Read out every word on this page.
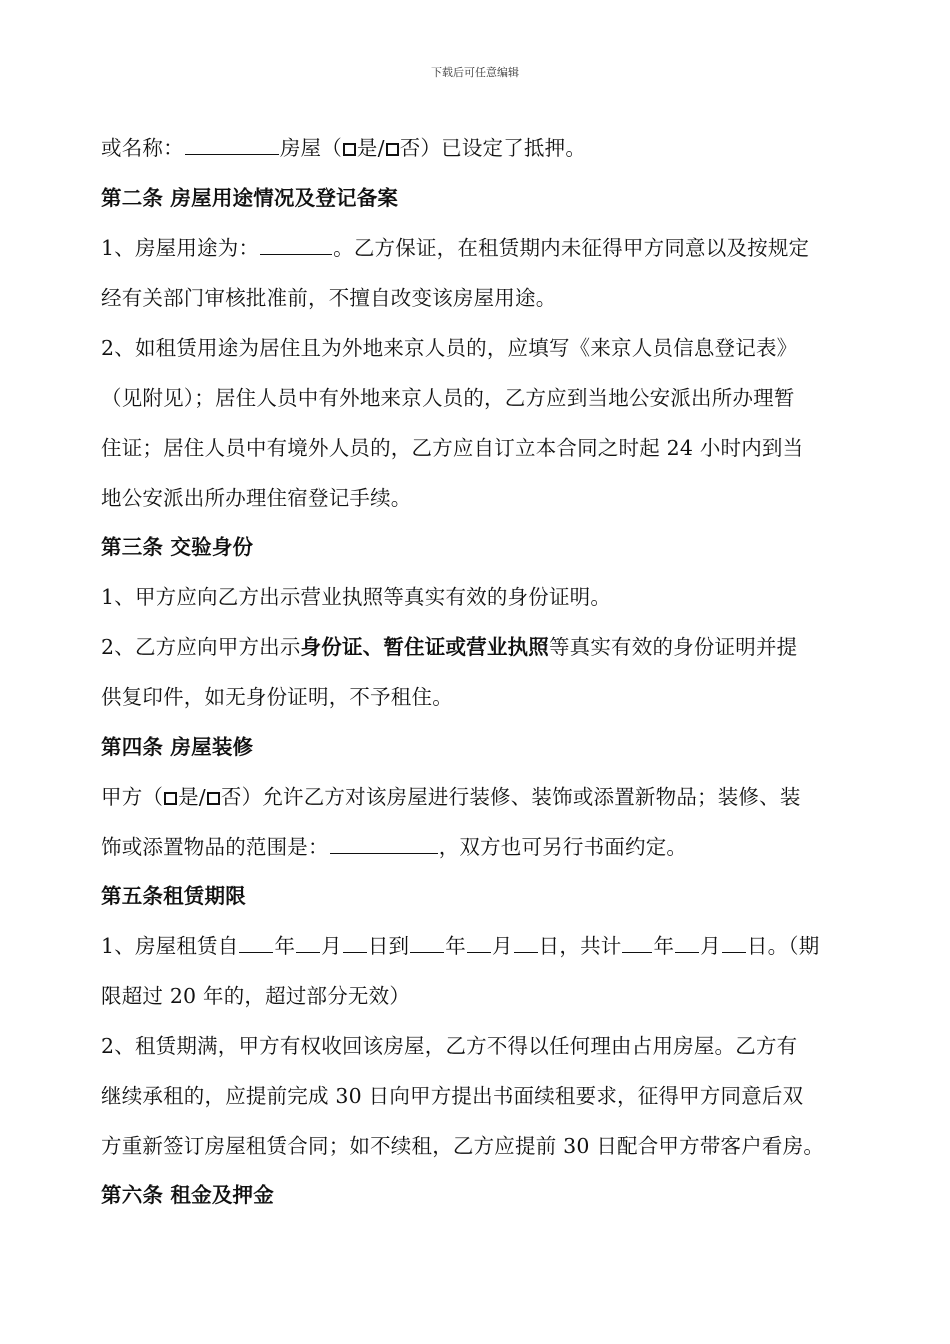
下载后可任意编辑
或名称：	房屋（ 是/ 否）已设定了抵押。
第二条 房屋用途情况及登记备案
1、房屋用途为：	。乙方保证，在租赁期内未征得甲方同意以及按规定
经有关部门审核批准前，不擅自改变该房屋用途。
2、如租赁用途为居住且为外地来京人员的，应填写《来京人员信息登记表》
（见附见）；居住人员中有外地来京人员的，乙方应到当地公安派出所办理暂
住证；居住人员中有境外人员的，乙方应自订立本合同之时起 24 小时内到当
地公安派出所办理住宿登记手续。
第三条 交验身份
1、甲方应向乙方出示营业执照等真实有效的身份证明。
2、乙方应向甲方出示身份证、暂住证或营业执照等真实有效的身份证明并提
供复印件，如无身份证明，不予租住。
第四条 房屋装修
甲方（ 是/ 否）允许乙方对该房屋进行装修、装饰或添置新物品；装修、装
饰或添置物品的范围是：	，双方也可另行书面约定。
第五条租赁期限
1、房屋租赁自 年 月 日到 年 月 日，共计 年 月 日。（期
限超过 20 年的，超过部分无效）
2、租赁期满，甲方有权收回该房屋，乙方不得以任何理由占用房屋。乙方有
继续承租的，应提前完成 30 日向甲方提出书面续租要求，征得甲方同意后双
方重新签订房屋租赁合同；如不续租，乙方应提前 30 日配合甲方带客户看房。
第六条 租金及押金
